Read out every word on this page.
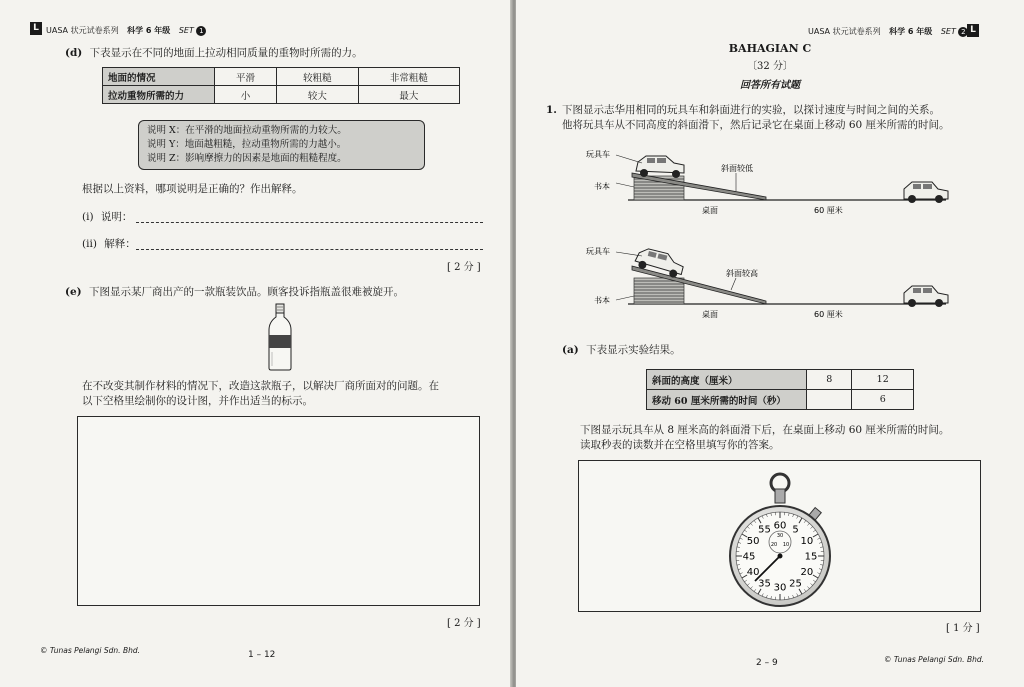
L UASA 状元试卷系列 科学 6 年级 SET 1
(d) 下表显示在不同的地面上拉动相同质量的重物时所需的力。
地面的情况	平滑	较粗糙	非常粗糙
拉动重物所需的力	小	较大	最大
说明 X：在平滑的地面拉动重物所需的力较大。
说明 Y：地面越粗糙，拉动重物所需的力越小。
说明 Z：影响摩擦力的因素是地面的粗糙程度。
根据以上资料，哪项说明是正确的？作出解释。
(i) 说明：
(ii) 解释：
[ 2 分 ]
(e) 下图显示某厂商出产的一款瓶装饮品。顾客投诉指瓶盖很难被旋开。
在不改变其制作材料的情况下，改造这款瓶子，以解决厂商所面对的问题。在
以下空格里绘制你的设计图，并作出适当的标示。
[ 2 分 ]
© Tunas Pelangi Sdn. Bhd.	1 – 12
UASA 状元试卷系列 科学 6 年级 SET 2 L
BAHAGIAN C
〔32 分〕
回答所有试题
1. 下图显示志华用相同的玩具车和斜面进行的实验，以探讨速度与时间之间的关系。
他将玩具车从不同高度的斜面滑下，然后记录它在桌面上移动 60 厘米所需的时间。
玩具车
书本
斜面较低
桌面	60 厘米
玩具车
书本
斜面较高
桌面	60 厘米
(a) 下表显示实验结果。
斜面的高度（厘米）	8	12
移动 60 厘米所需的时间（秒）		6
下图显示玩具车从 8 厘米高的斜面滑下后，在桌面上移动 60 厘米所需的时间。
读取秒表的读数并在空格里填写你的答案。
60 5
10
15
20
25
30
35
40
45
50
55
30
20 10
[ 1 分 ]
2 – 9	© Tunas Pelangi Sdn. Bhd.
